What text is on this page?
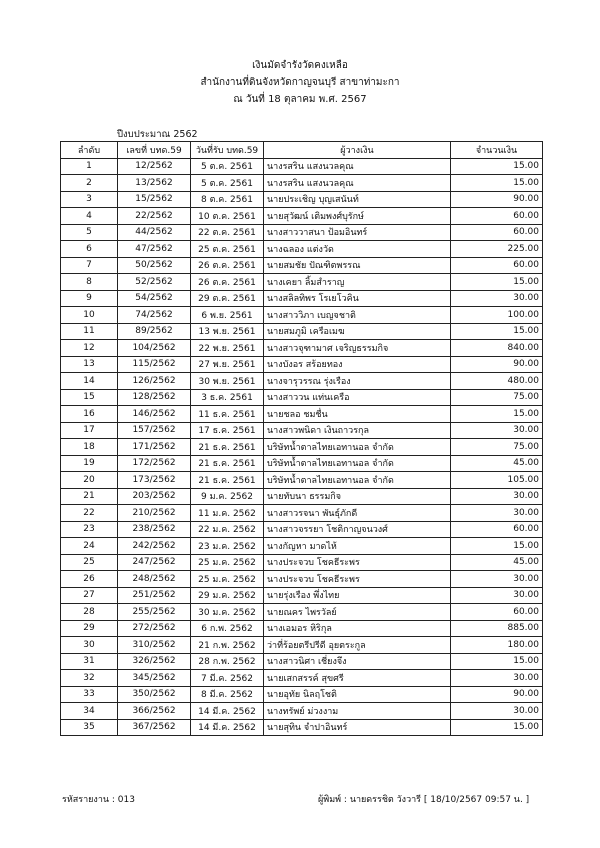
เงินมัดจำรังวัดคงเหลือ
สำนักงานที่ดินจังหวัดกาญจนบุรี สาขาท่ามะกา
ณ วันที่ 18 ตุลาคม พ.ศ. 2567
ปีงบประมาณ 2562
ลำดับ	เลขที่ บทด.59	วันที่รับ บทด.59	ผู้วางเงิน	จำนวนเงิน
1	12/2562	5 ต.ค. 2561	นางรสริน แสงนวลคุณ	15.00
2	13/2562	5 ต.ค. 2561	นางรสริน แสงนวลคุณ	15.00
3	15/2562	8 ต.ค. 2561	นายประเชิญ บุญเสนันท์	90.00
4	22/2562	10 ต.ค. 2561	นายสุวัฒน์ เติมพงศ์บุรักษ์	60.00
5	44/2562	22 ต.ค. 2561	นางสาววาสนา ป้อมอินทร์	60.00
6	47/2562	25 ต.ค. 2561	นางฉลอง แต่งวัด	225.00
7	50/2562	26 ต.ค. 2561	นายสมชัย ปัณฑิตพรรณ	60.00
8	52/2562	26 ต.ค. 2561	นางเคยา ลิ้มสำราญ	15.00
9	54/2562	29 ต.ค. 2561	นางสลิลทิพร โรเยโวคิน	30.00
10	74/2562	6 พ.ย. 2561	นางสาววิภา เบญจชาติ	100.00
11	89/2562	13 พ.ย. 2561	นายสมภูมิ เครือเมฆ	15.00
12	104/2562	22 พ.ย. 2561	นางสาวจุฑามาศ เจริญธรรมกิจ	840.00
13	115/2562	27 พ.ย. 2561	นางบังอร สร้อยทอง	90.00
14	126/2562	30 พ.ย. 2561	นางจารุวรรณ รุ่งเรือง	480.00
15	128/2562	3 ธ.ค. 2561	นางสาววน แท่นเครือ	75.00
16	146/2562	11 ธ.ค. 2561	นายชลอ ชมชื่น	15.00
17	157/2562	17 ธ.ค. 2561	นางสาวพนิดา เงินถาวรกุล	30.00
18	171/2562	21 ธ.ค. 2561	บริษัทน้ำตาลไทยเอทานอล จำกัด	75.00
19	172/2562	21 ธ.ค. 2561	บริษัทน้ำตาลไทยเอทานอล จำกัด	45.00
20	173/2562	21 ธ.ค. 2561	บริษัทน้ำตาลไทยเอทานอล จำกัด	105.00
21	203/2562	9 ม.ค. 2562	นายทับนา ธรรมกิจ	30.00
22	210/2562	11 ม.ค. 2562	นางสาวรจนา พันธุ์ภักดี	30.00
23	238/2562	22 ม.ค. 2562	นางสาวจรรยา โชติกาญจนวงศ์	60.00
24	242/2562	23 ม.ค. 2562	นางกัญหา มาดไห้	15.00
25	247/2562	25 ม.ค. 2562	นางประจวบ โชคธีระพร	45.00
26	248/2562	25 ม.ค. 2562	นางประจวบ โชคธีระพร	30.00
27	251/2562	29 ม.ค. 2562	นายรุ่งเรือง พึ่งไทย	30.00
28	255/2562	30 ม.ค. 2562	นายณคร ไพรวัลย์	60.00
29	272/2562	6 ก.พ. 2562	นางเอมอร หิริกุล	885.00
30	310/2562	21 ก.พ. 2562	ว่าที่ร้อยตรีปรีดี อุยตระกูล	180.00
31	326/2562	28 ก.พ. 2562	นางสาวนิศา เชี่ยงจึง	15.00
32	345/2562	7 มี.ค. 2562	นายเสกสรรค์ สุขศรี	30.00
33	350/2562	8 มี.ค. 2562	นายอุทัย นิลฤโชติ	90.00
34	366/2562	14 มี.ค. 2562	นางทรัพย์ ม่วงงาม	30.00
35	367/2562	14 มี.ค. 2562	นายสุทิน จำปาอินทร์	15.00
รหัสรายงาน : 013	ผู้พิมพ์ : นายดรรชิต วังวารี [ 18/10/2567 09:57 น. ]
